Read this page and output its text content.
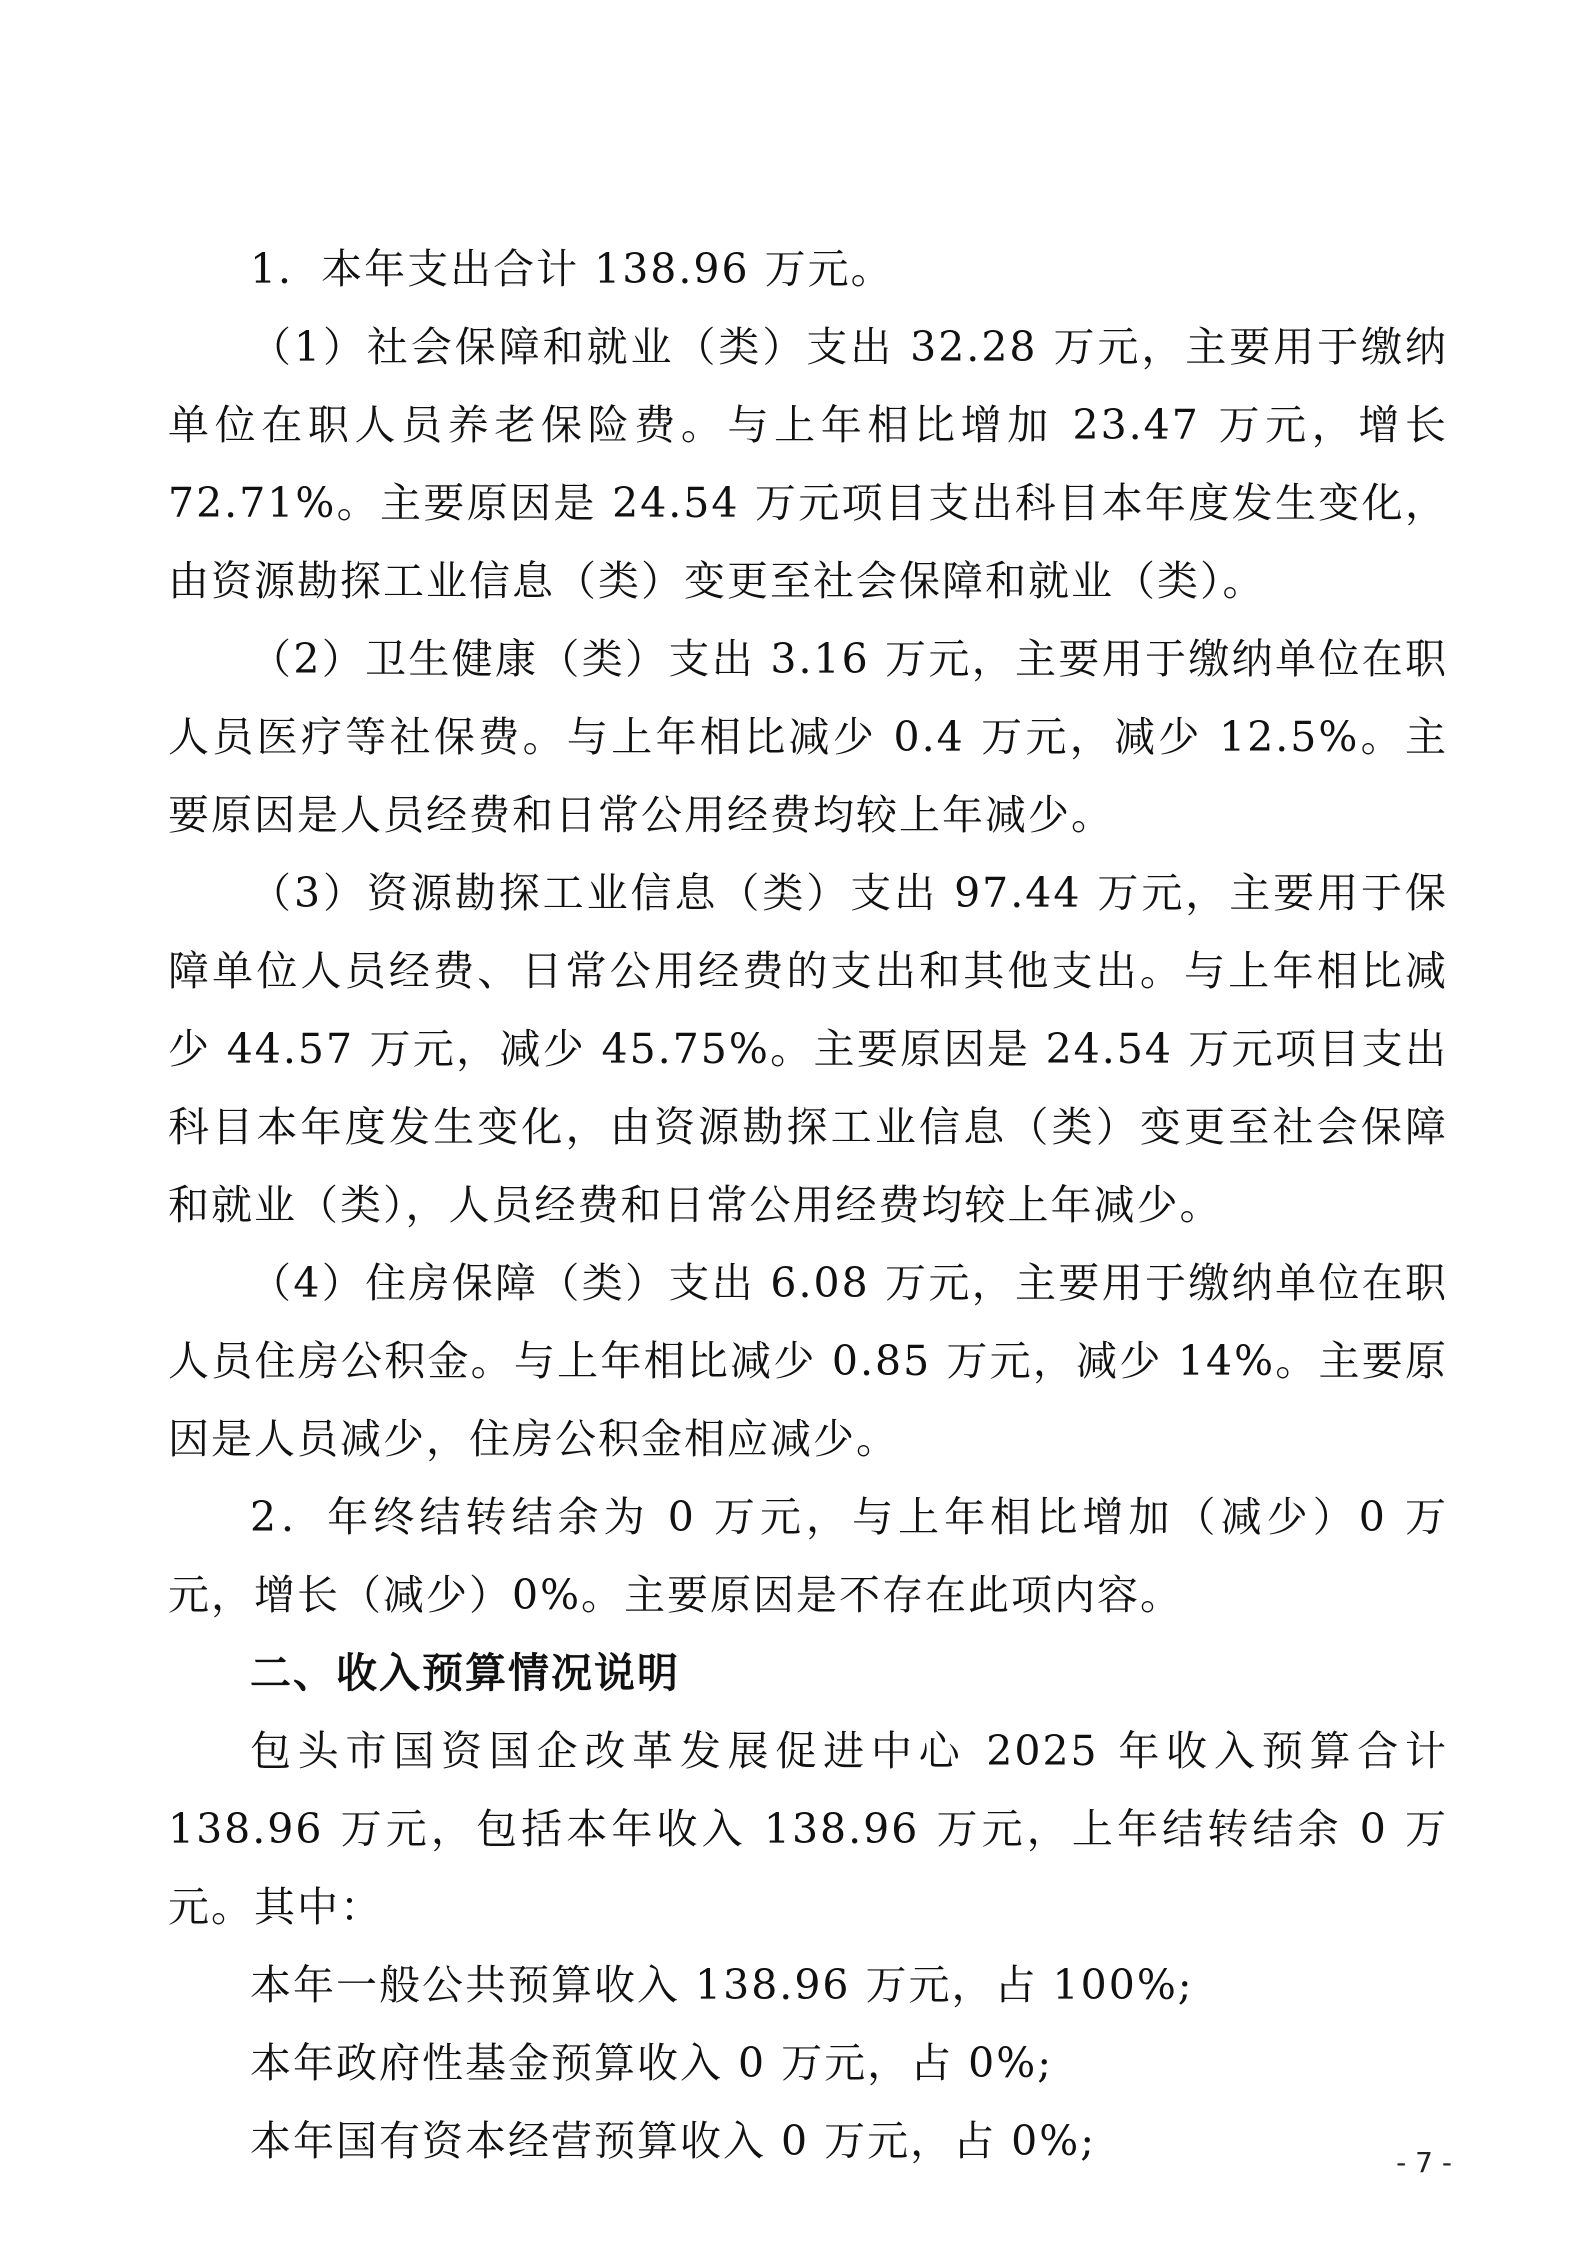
1．本年支出合计 138.96 万元。

（1）社会保障和就业（类）支出 32.28 万元，主要用于缴纳单位在职人员养老保险费。与上年相比增加 23.47 万元，增长 72.71%。主要原因是 24.54 万元项目支出科目本年度发生变化，由资源勘探工业信息（类）变更至社会保障和就业（类）。

（2）卫生健康（类）支出 3.16 万元，主要用于缴纳单位在职人员医疗等社保费。与上年相比减少 0.4 万元，减少 12.5%。主要原因是人员经费和日常公用经费均较上年减少。

（3）资源勘探工业信息（类）支出 97.44 万元，主要用于保障单位人员经费、日常公用经费的支出和其他支出。与上年相比减少 44.57 万元，减少 45.75%。主要原因是 24.54 万元项目支出科目本年度发生变化，由资源勘探工业信息（类）变更至社会保障和就业（类），人员经费和日常公用经费均较上年减少。

（4）住房保障（类）支出 6.08 万元，主要用于缴纳单位在职人员住房公积金。与上年相比减少 0.85 万元，减少 14%。主要原因是人员减少，住房公积金相应减少。

2．年终结转结余为 0 万元，与上年相比增加（减少）0 万元，增长（减少）0%。主要原因是不存在此项内容。

二、收入预算情况说明

包头市国资国企改革发展促进中心 2025 年收入预算合计 138.96 万元，包括本年收入 138.96 万元，上年结转结余 0 万元。其中：

本年一般公共预算收入 138.96 万元，占 100%;

本年政府性基金预算收入 0 万元，占 0%;

本年国有资本经营预算收入 0 万元，占 0%;	- 7 -
